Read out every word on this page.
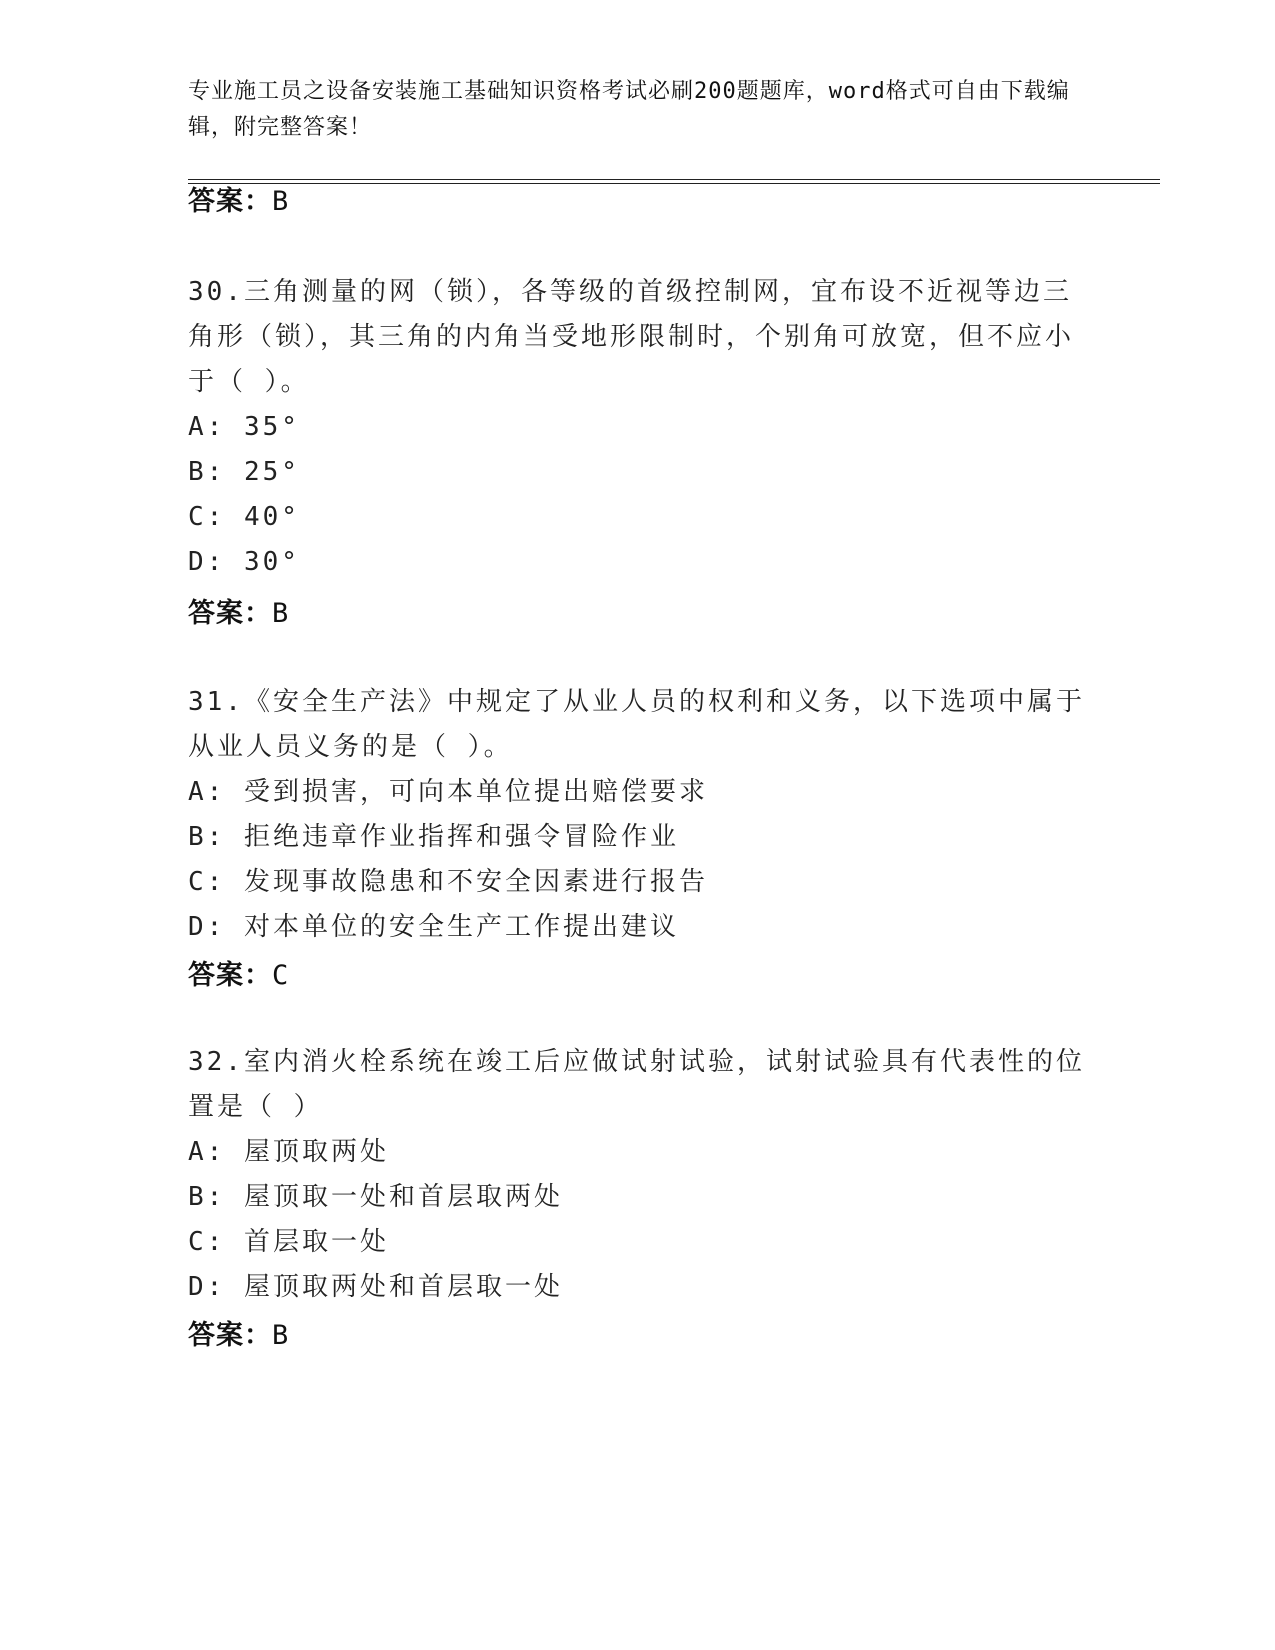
专业施工员之设备安装施工基础知识资格考试必刷200题题库，word格式可自由下载编辑，附完整答案！
答案：B
30.三角测量的网（锁），各等级的首级控制网，宜布设不近视等边三角形（锁），其三角的内角当受地形限制时，个别角可放宽，但不应小于（ ）。
A: 35°
B: 25°
C: 40°
D: 30°
答案：B
31.《安全生产法》中规定了从业人员的权利和义务，以下选项中属于从业人员义务的是（ ）。
A: 受到损害，可向本单位提出赔偿要求
B: 拒绝违章作业指挥和强令冒险作业
C: 发现事故隐患和不安全因素进行报告
D: 对本单位的安全生产工作提出建议
答案：C
32.室内消火栓系统在竣工后应做试射试验，试射试验具有代表性的位置是（ ）
A: 屋顶取两处
B: 屋顶取一处和首层取两处
C: 首层取一处
D: 屋顶取两处和首层取一处
答案：B
